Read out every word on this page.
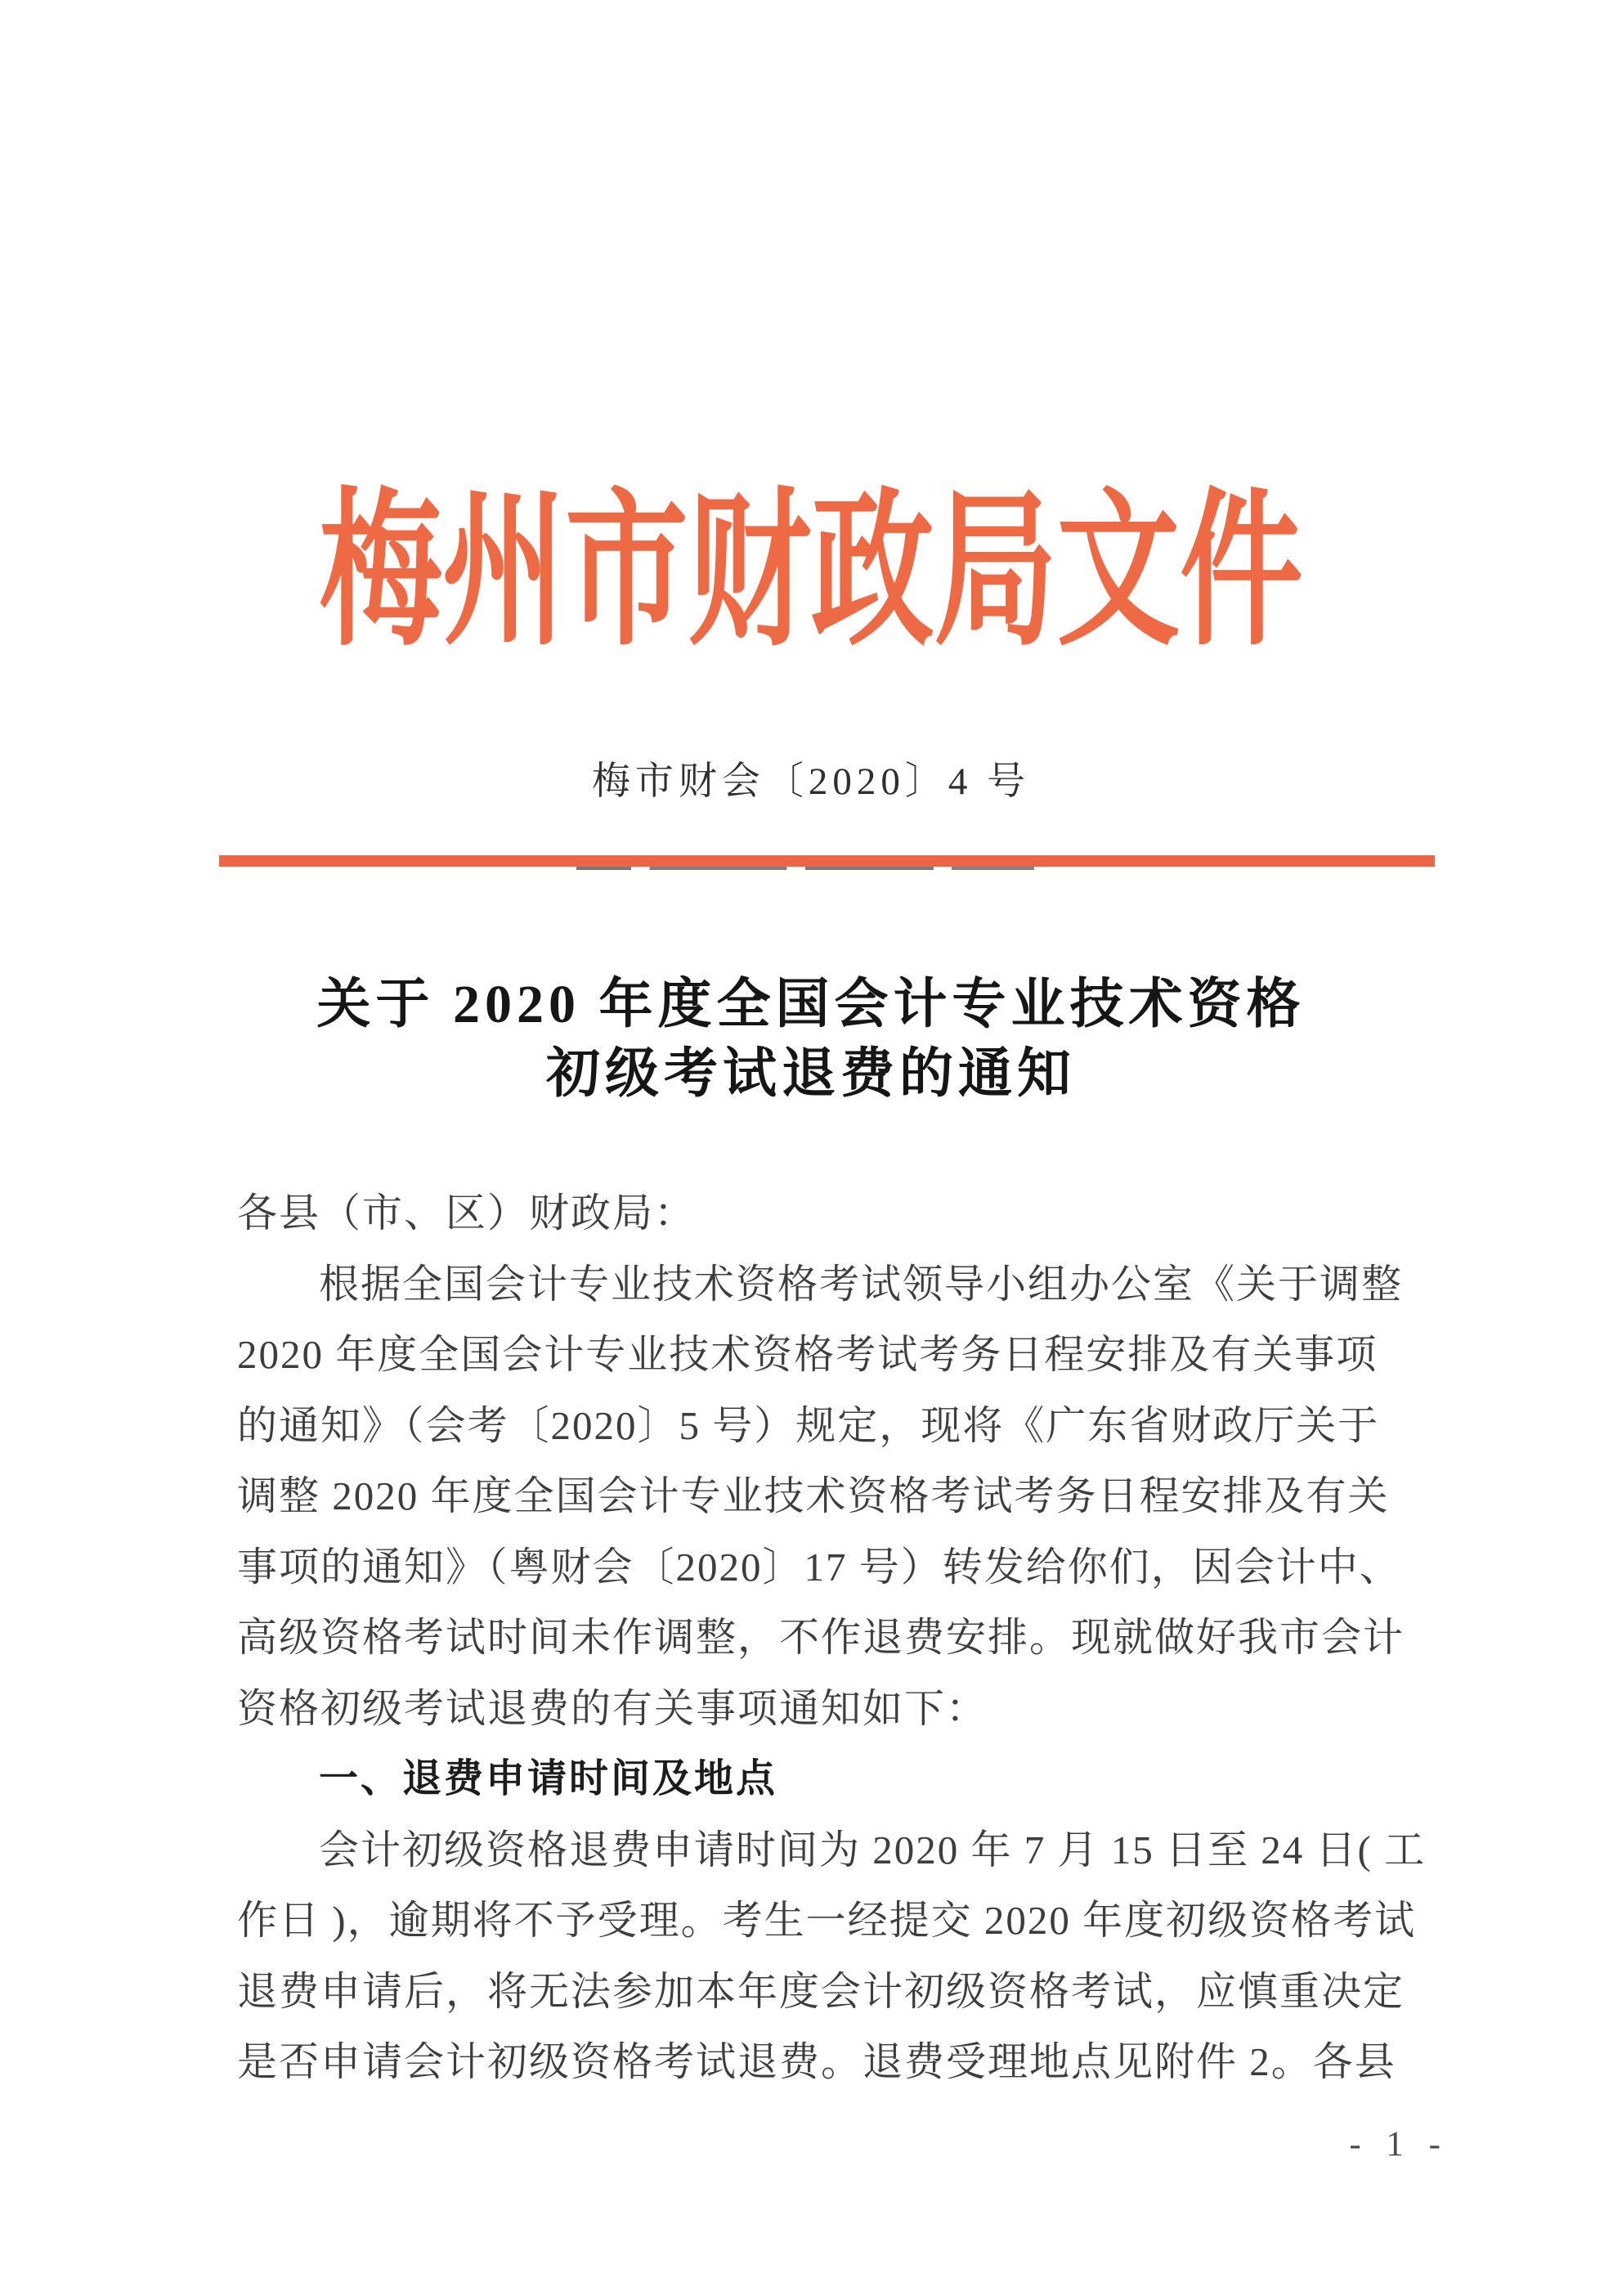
梅州市财政局文件
梅市财会〔2020〕4 号
关于 2020 年度全国会计专业技术资格
初级考试退费的通知
各县（市、区）财政局：
根据全国会计专业技术资格考试领导小组办公室《关于调整
2020 年度全国会计专业技术资格考试考务日程安排及有关事项
的通知》（会考〔2020〕5 号）规定，现将《广东省财政厅关于
调整 2020 年度全国会计专业技术资格考试考务日程安排及有关
事项的通知》（粤财会〔2020〕17 号）转发给你们，因会计中、
高级资格考试时间未作调整，不作退费安排。现就做好我市会计
资格初级考试退费的有关事项通知如下：
一、退费申请时间及地点
会计初级资格退费申请时间为 2020 年 7 月 15 日至 24 日( 工
作日 )，逾期将不予受理。考生一经提交 2020 年度初级资格考试
退费申请后，将无法参加本年度会计初级资格考试，应慎重决定
是否申请会计初级资格考试退费。退费受理地点见附件 2。各县
- 1 -
